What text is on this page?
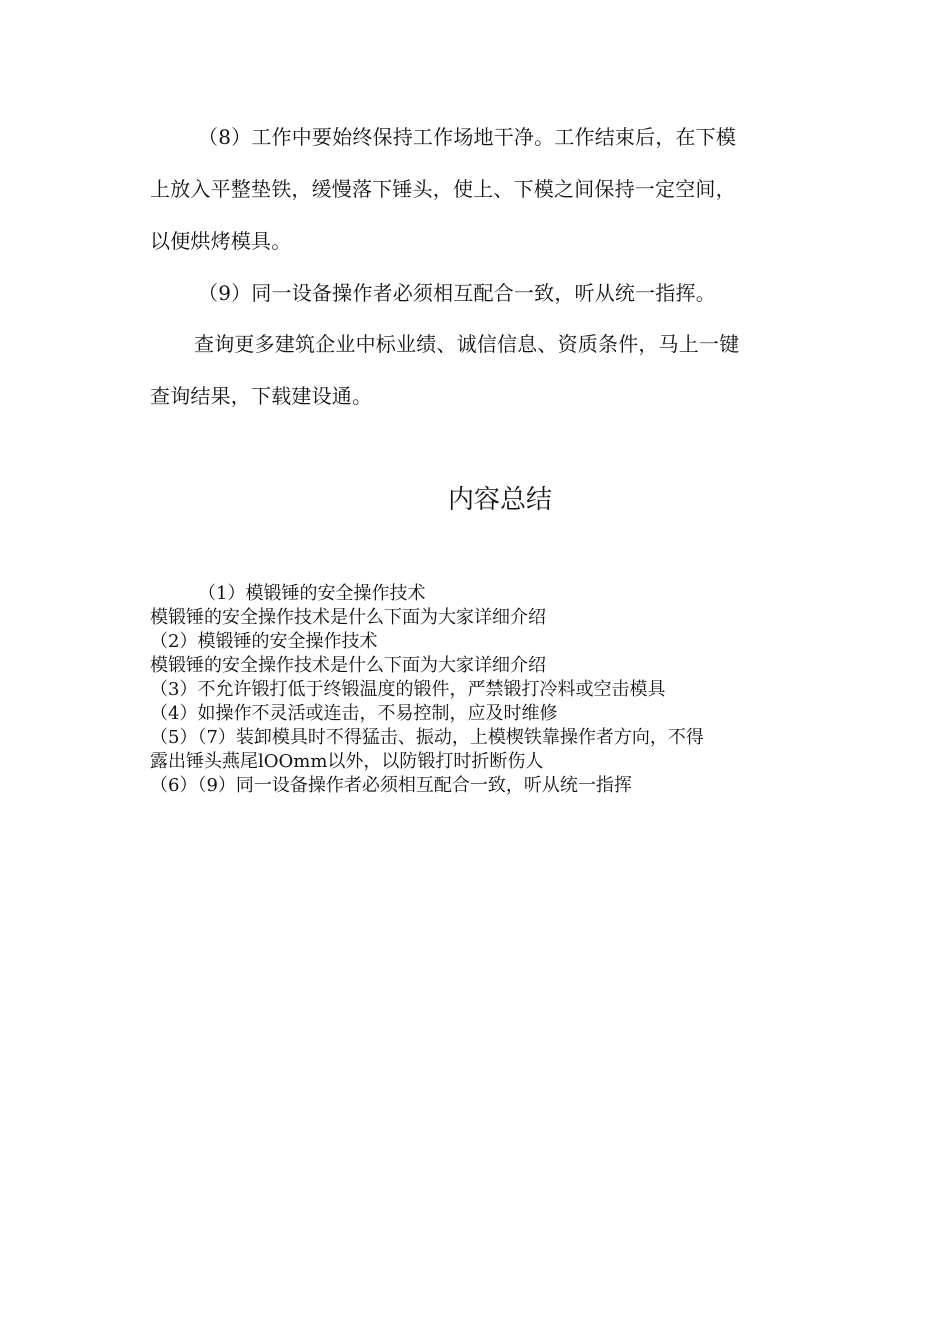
（8）工作中要始终保持工作场地干净。工作结束后，在下模

上放入平整垫铁，缓慢落下锤头，使上、下模之间保持一定空间，

以便烘烤模具。

（9）同一设备操作者必须相互配合一致，听从统一指挥。

查询更多建筑企业中标业绩、诚信信息、资质条件，马上一键

查询结果，下载建设通。

内容总结

（1）模锻锤的安全操作技术

模锻锤的安全操作技术是什么下面为大家详细介绍

（2）模锻锤的安全操作技术

模锻锤的安全操作技术是什么下面为大家详细介绍

（3）不允许锻打低于终锻温度的锻件，严禁锻打冷料或空击模具

（4）如操作不灵活或连击，不易控制，应及时维修

（5）（7）装卸模具时不得猛击、振动，上模楔铁靠操作者方向，不得

露出锤头燕尾lOOmm以外，以防锻打时折断伤人

（6）（9）同一设备操作者必须相互配合一致，听从统一指挥
